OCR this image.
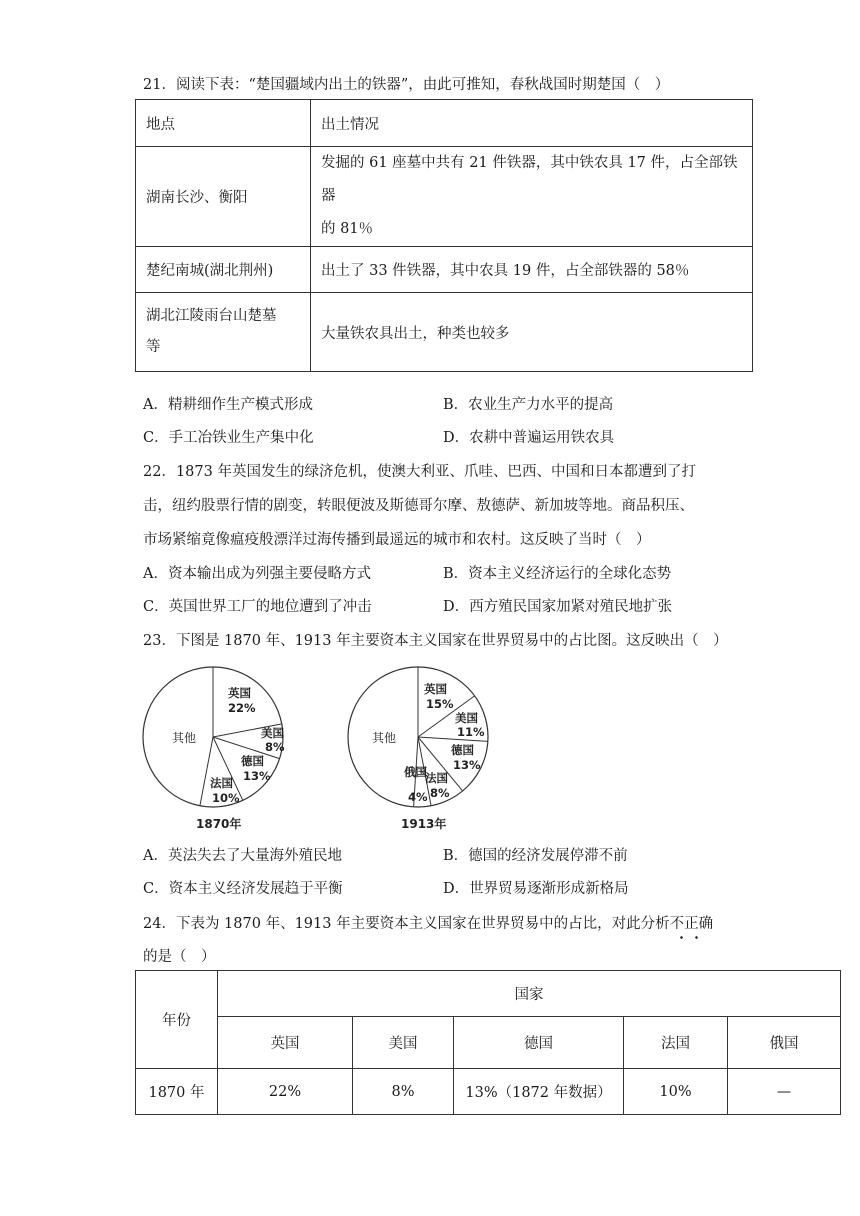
21．阅读下表：“楚国疆域内出土的铁器”，由此可推知，春秋战国时期楚国（　）
地点	出土情况
湖南长沙、衡阳	发掘的 61 座墓中共有 21 件铁器，其中铁农具 17 件，占全部铁器
的 81％

楚纪南城(湖北荆州)	出土了 33 件铁器，其中农具 19 件，占全部铁器的 58％

湖北江陵雨台山楚墓
等	大量铁农具出土，种类也较多
A．精耕细作生产模式形成	B．农业生产力水平的提高
C．手工冶铁业生产集中化	D．农耕中普遍运用铁农具
22．1873 年英国发生的绿济危机，使澳大利亚、爪哇、巴西、中国和日本都遭到了打
击，纽约股票行情的剧变，转眼便波及斯德哥尔摩、敖德萨、新加坡等地。商品积压、
市场紧缩竟像瘟疫般漂洋过海传播到最遥远的城市和农村。这反映了当时（　）
A．资本输出成为列强主要侵略方式	B．资本主义经济运行的全球化态势
C．英国世界工厂的地位遭到了冲击	D．西方殖民国家加紧对殖民地扩张
23．下图是 1870 年、1913 年主要资本主义国家在世界贸易中的占比图。这反映出（　）
其他
英国
22%
美国
8%
德国
13%
法国
10%
1870年
其他
英国
15%
美国
11%
德国
13%
法国
8%
俄国
4%
1913年
A．英法失去了大量海外殖民地	B．德国的经济发展停滞不前
C．资本主义经济发展趋于平衡	D．世界贸易逐渐形成新格局
24．下表为 1870 年、1913 年主要资本主义国家在世界贸易中的占比，对此分析不正确
的是（　）
年份	国家				
	英国	美国	德国	法国	俄国
1870 年	22%	8%	13%（1872 年数据）	10%	—
